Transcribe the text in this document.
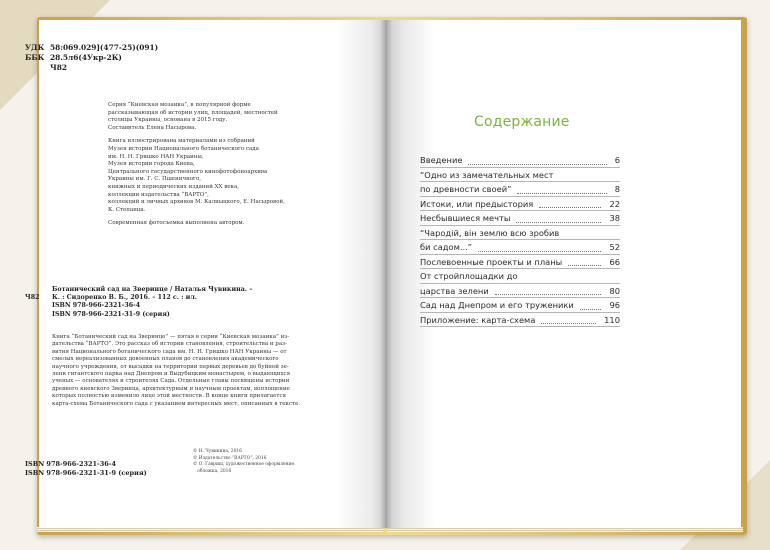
УДК 58:069.029](477-25)(091)
ББК 28.5л6(4Укр-2К)
Ч82

Серия “Киевская мозаика”, в популярной форме
рассказывающая об истории улиц, площадей, местностей
столицы Украины, основана в 2015 году.
Составитель Елена Насырова.

Книга иллюстрирована материалами из собраний
Музея истории Национального ботанического сада
им. Н. Н. Гришко НАН Украины,
Музея истории города Киева,
Центрального государственного кинофотофоноархива
Украины им. Г. С. Пшеничного,
книжных и периодических изданий ХХ века,
коллекции издательства “ВАРТО”,
коллекций и личных архивов М. Калныцкого, Е. Насыровой,
К. Степанца.

Современная фотосъемка выполнена автором.

Ч82
Ботанический сад на Зверинце / Наталья Чувикина. –
К. : Сидоренко В. Б., 2016. – 112 с. : ил.
ISBN 978-966-2321-36-4
ISBN 978-966-2321-31-9 (серия)
Книга “Ботанический сад на Зверинце” — пятая в серии “Киевская мозаика” из-
дательства “ВАРТО”. Это рассказ об истории становления, строительства и раз-
вития Национального ботанического сада им. Н. Н. Гришко НАН Украины — от
смелых нереализованных довоенных планов до становления академического
научного учреждения, от высадки на территории первых деревьев до буйной зе-
лени гигантского парка над Днепром и Выдубицким монастырем, о выдающихся
ученых — основателях и строителях Сада. Отдельные главы посвящены истории
древнего киевского Зверинца, архитектурным и научным проектам, воплощение
которых полностью изменило лицо этой местности. В конце книги прилагается
карта-схема Ботанического сада с указанием интересных мест, описанных в тексте.
© Н. Чувикина, 2016
© Издательство “ВАРТО”, 2016
© О. Гавриш, художественное оформление,
обложка, 2016
ISBN 978-966-2321-36-4
ISBN 978-966-2321-31-9 (серия)
Содержание
Введение	6
“Одно из замечательных мест
по древности своей”	8
Истоки, или предыстория	22
Несбывшиеся мечты	38
“Чародій, він землю всю зробив
би садом...”	52
Послевоенные проекты и планы	66
От стройплощадки до
царства зелени	80
Сад над Днепром и его труженики	96
Приложение: карта-схема	110
